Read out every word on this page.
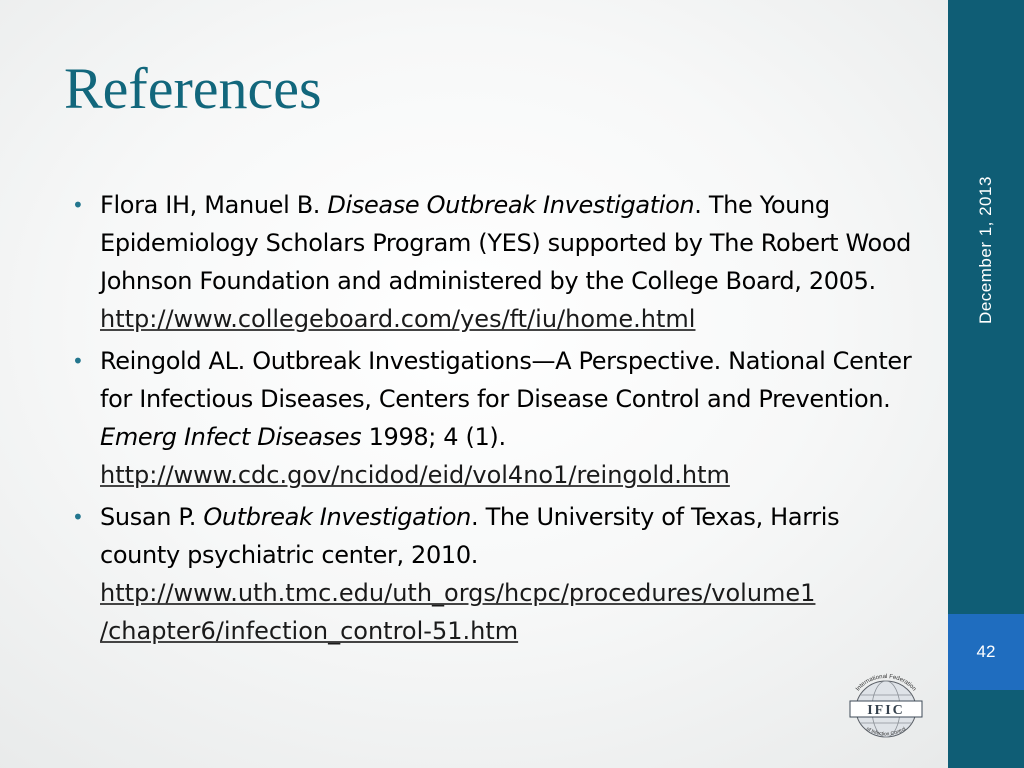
References
• Flora IH, Manuel B. Disease Outbreak Investigation. The Young Epidemiology Scholars Program (YES) supported by The Robert Wood Johnson Foundation and administered by the College Board, 2005.
http://www.collegeboard.com/yes/ft/iu/home.html
• Reingold AL. Outbreak Investigations—A Perspective. National Center for Infectious Diseases, Centers for Disease Control and Prevention. Emerg Infect Diseases 1998; 4 (1).
http://www.cdc.gov/ncidod/eid/vol4no1/reingold.htm
• Susan P. Outbreak Investigation. The University of Texas, Harris county psychiatric center, 2010.
http://www.uth.tmc.edu/uth_orgs/hcpc/procedures/volume1
/chapter6/infection_control-51.htm
December 1, 2013
42
International Federation
of Infection Control
IFIC
